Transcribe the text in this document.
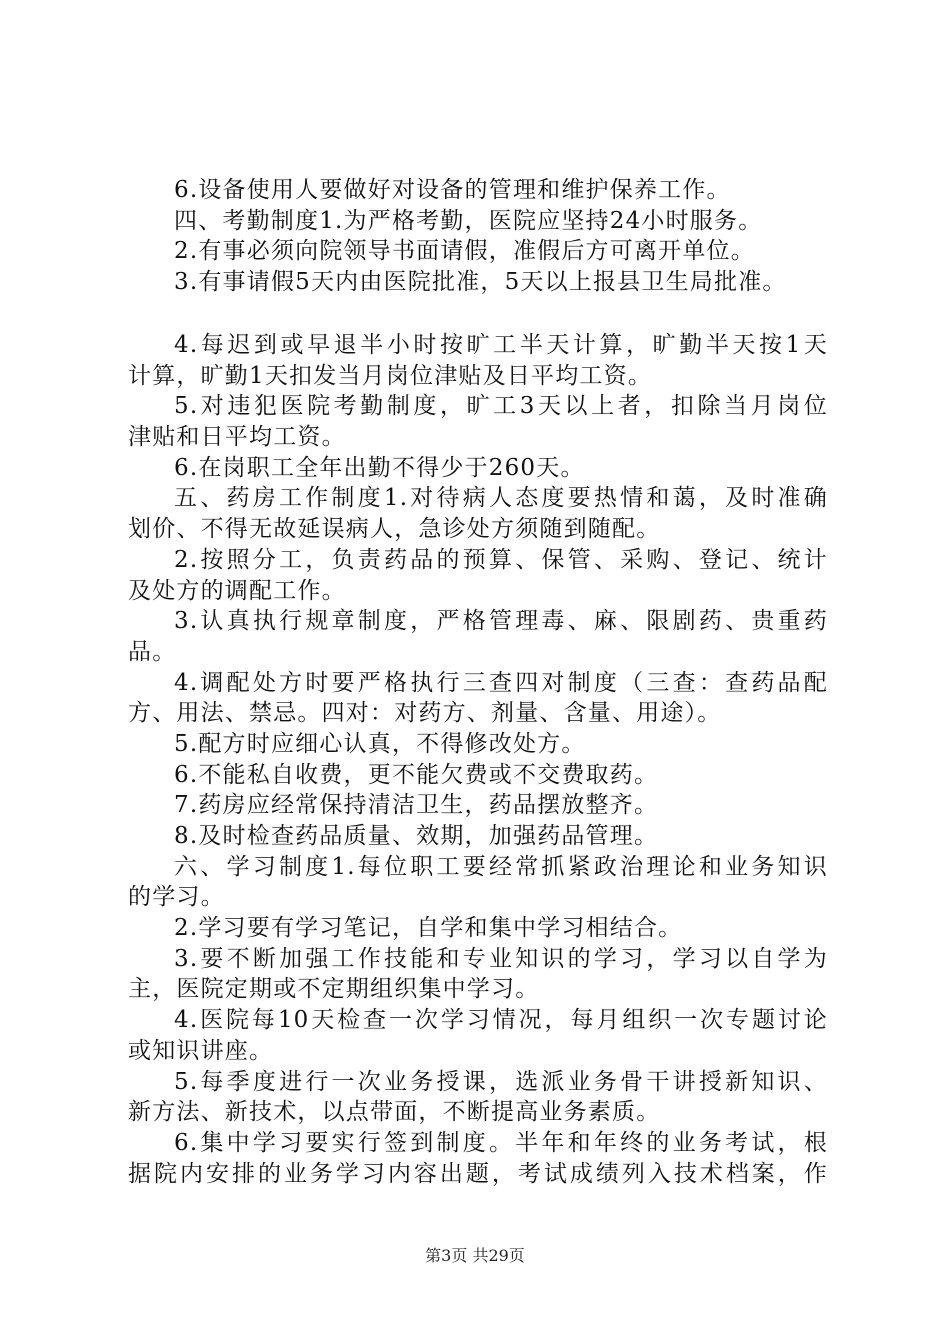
6.设备使用人要做好对设备的管理和维护保养工作。
四、考勤制度1.为严格考勤，医院应坚持24小时服务。
2.有事必须向院领导书面请假，准假后方可离开单位。
3.有事请假5天内由医院批准，5天以上报县卫生局批准。
4.每迟到或早退半小时按旷工半天计算，旷勤半天按1天
计算，旷勤1天扣发当月岗位津贴及日平均工资。
5.对违犯医院考勤制度，旷工3天以上者，扣除当月岗位
津贴和日平均工资。
6.在岗职工全年出勤不得少于260天。
五、药房工作制度1.对待病人态度要热情和蔼，及时准确
划价、不得无故延误病人，急诊处方须随到随配。
2.按照分工，负责药品的预算、保管、采购、登记、统计
及处方的调配工作。
3.认真执行规章制度，严格管理毒、麻、限剧药、贵重药
品。
4.调配处方时要严格执行三查四对制度（三查：查药品配
方、用法、禁忌。四对：对药方、剂量、含量、用途）。
5.配方时应细心认真，不得修改处方。
6.不能私自收费，更不能欠费或不交费取药。
7.药房应经常保持清洁卫生，药品摆放整齐。
8.及时检查药品质量、效期，加强药品管理。
六、学习制度1.每位职工要经常抓紧政治理论和业务知识
的学习。
2.学习要有学习笔记，自学和集中学习相结合。
3.要不断加强工作技能和专业知识的学习，学习以自学为
主，医院定期或不定期组织集中学习。
4.医院每10天检查一次学习情况，每月组织一次专题讨论
或知识讲座。
5.每季度进行一次业务授课，选派业务骨干讲授新知识、
新方法、新技术，以点带面，不断提高业务素质。
6.集中学习要实行签到制度。半年和年终的业务考试，根
据院内安排的业务学习内容出题，考试成绩列入技术档案，作
第3页 共29页
